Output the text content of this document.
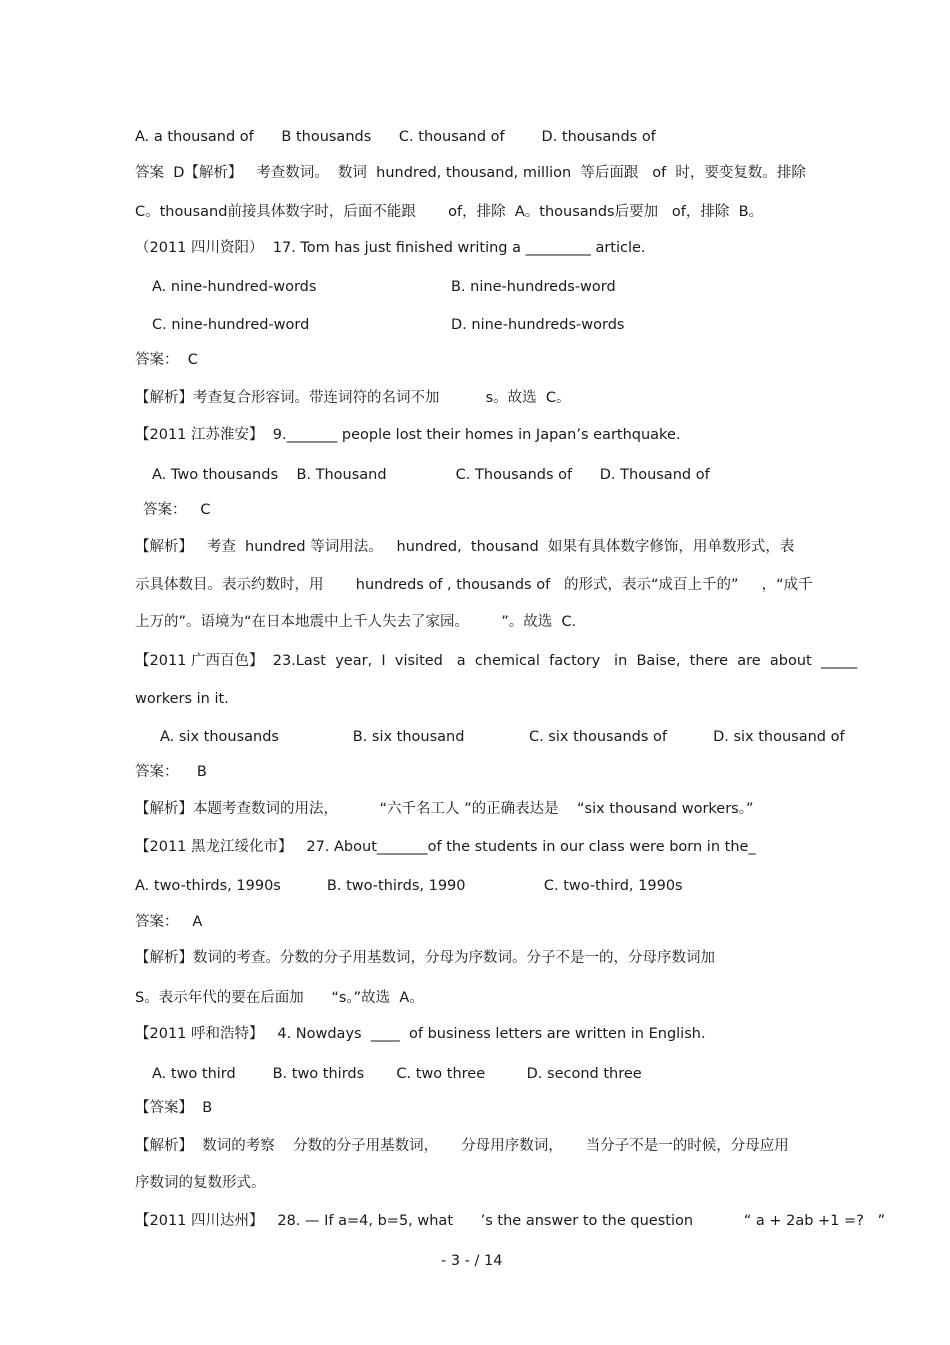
A. a thousand of      B thousands      C. thousand of        D. thousands of
答案  D【解析】   考查数词。  数词  hundred, thousand, million  等后面跟   of  时，要变复数。排除
C。thousand前接具体数字时，后面不能跟       of，排除  A。thousands后要加   of，排除  B。
（2011 四川资阳）  17. Tom has just finished writing a _________ article.
A. nine-hundred-words	B. nine-hundreds-word
C. nine-hundred-word	D. nine-hundreds-words
答案：  C
【解析】考查复合形容词。带连词符的名词不加          s。故选  C。
【2011 江苏淮安】  9._______ people lost their homes in Japan’s earthquake.
A. Two thousands    B. Thousand               C. Thousands of      D. Thousand of
答案：   C
【解析】   考查  hundred 等词用法。   hundred,  thousand  如果有具体数字修饰，用单数形式，表
示具体数目。表示约数时，用       hundreds of , thousands of   的形式，表示“成百上千的”     ，“成千
上万的”。语境为“在日本地震中上千人失去了家园。       ”。故选  C.
【2011 广西百色】  23.Last  year,  I  visited   a  chemical  factory   in  Baise,  there  are  about  _____
workers in it.
A. six thousands                B. six thousand              C. six thousands of          D. six thousand of
答案：    B
【解析】本题考查数词的用法，         “六千名工人 ”的正确表达是    “six thousand workers。”
【2011 黑龙江绥化市】   27. About_______of the students in our class were born in the_
A. two-thirds, 1990s          B. two-thirds, 1990                 C. two-third, 1990s
答案：   A
【解析】数词的考查。分数的分子用基数词，分母为序数词。分子不是一的，分母序数词加
S。表示年代的要在后面加      “s。”故选  A。
【2011 呼和浩特】   4. Nowdays  ____  of business letters are written in English.
A. two third        B. two thirds       C. two three         D. second three
【答案】  B
【解析】  数词的考察    分数的分子用基数词，     分母用序数词，     当分子不是一的时候，分母应用
序数词的复数形式。
【2011 四川达州】   28. — If a=4, b=5, what      ’s the answer to the question           “ a + 2ab +1 =?   ”
- 3 - / 14
